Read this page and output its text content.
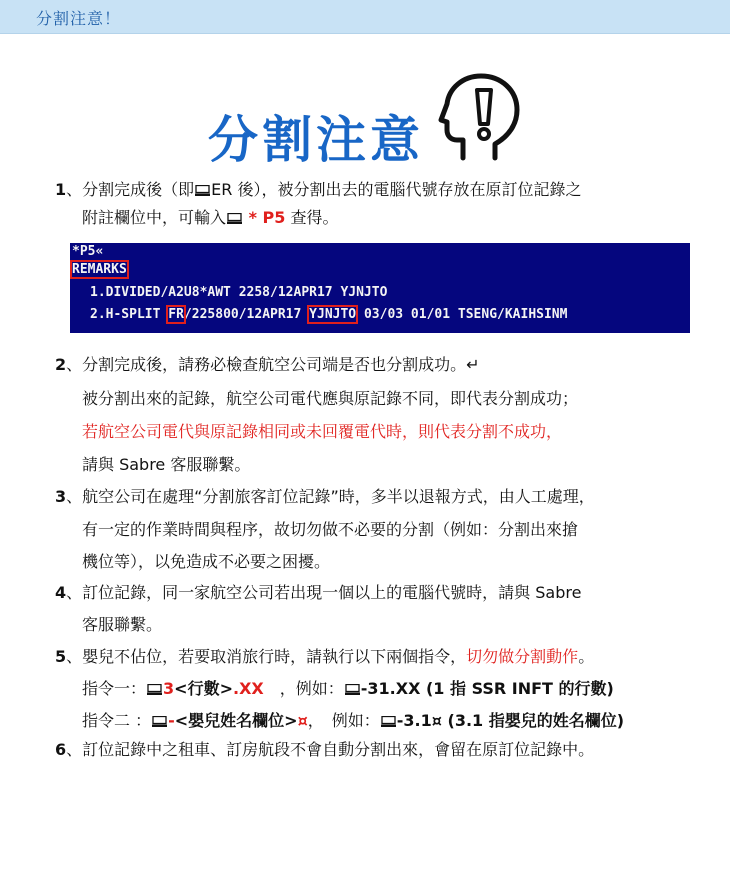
分割注意！
分割注意
1、分割完成後（即 ER 後），被分割出去的電腦代號存放在原訂位記錄之
附註欄位中，可輸入 * P5 查得。
*P5«
REMARKS
1.DIVIDED/A2U8*AWT 2258/12APR17 YJNJTO
2.H-SPLIT FR/225800/12APR17 YJNJTO 03/03 01/01 TSENG/KAIHSINM
2、分割完成後，請務必檢查航空公司端是否也分割成功。↵
被分割出來的記錄，航空公司電代應與原記錄不同，即代表分割成功；
若航空公司電代與原記錄相同或未回覆電代時，則代表分割不成功，
請與 Sabre 客服聯繫。
3、航空公司在處理“分割旅客訂位記錄”時，多半以退報方式，由人工處理，
有一定的作業時間與程序，故切勿做不必要的分割（例如：分割出來搶
機位等），以免造成不必要之困擾。
4、訂位記錄，同一家航空公司若出現一個以上的電腦代號時，請與 Sabre
客服聯繫。
5、嬰兒不佔位，若要取消旅行時，請執行以下兩個指令，切勿做分割動作。
指令一： 3<行數>.XX　，例如： -31.XX (1 指 SSR INFT 的行數)
指令二 ： -<嬰兒姓名欄位>¤，　例如： -3.1¤ (3.1 指嬰兒的姓名欄位)
6、訂位記錄中之租車、訂房航段不會自動分割出來，會留在原訂位記錄中。
